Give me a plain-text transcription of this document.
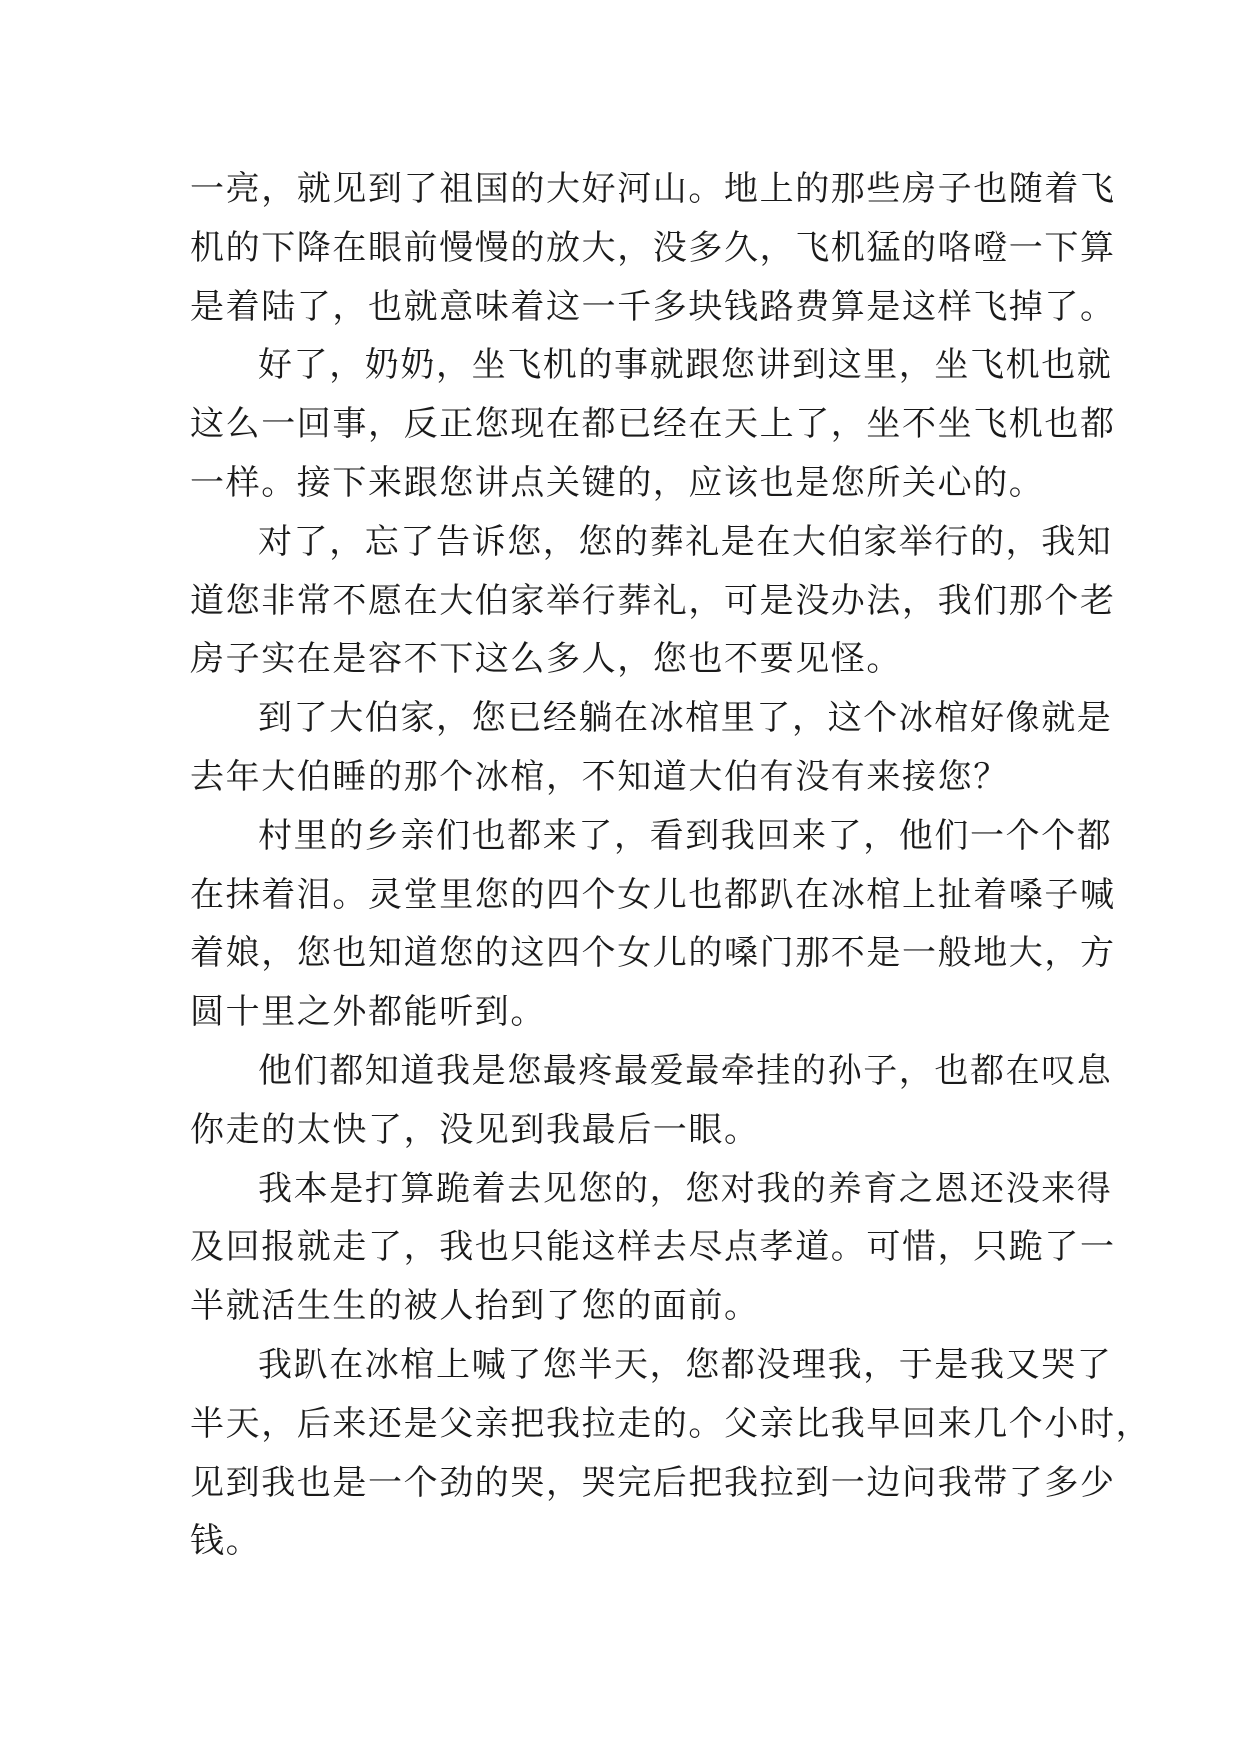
一亮，就见到了祖国的大好河山。地上的那些房子也随着飞
机的下降在眼前慢慢的放大，没多久，飞机猛的咯噔一下算
是着陆了，也就意味着这一千多块钱路费算是这样飞掉了。
好了，奶奶，坐飞机的事就跟您讲到这里，坐飞机也就
这么一回事，反正您现在都已经在天上了，坐不坐飞机也都
一样。接下来跟您讲点关键的，应该也是您所关心的。
对了，忘了告诉您，您的葬礼是在大伯家举行的，我知
道您非常不愿在大伯家举行葬礼，可是没办法，我们那个老
房子实在是容不下这么多人，您也不要见怪。
到了大伯家，您已经躺在冰棺里了，这个冰棺好像就是
去年大伯睡的那个冰棺，不知道大伯有没有来接您？
村里的乡亲们也都来了，看到我回来了，他们一个个都
在抹着泪。灵堂里您的四个女儿也都趴在冰棺上扯着嗓子喊
着娘，您也知道您的这四个女儿的嗓门那不是一般地大，方
圆十里之外都能听到。
他们都知道我是您最疼最爱最牵挂的孙子，也都在叹息
你走的太快了，没见到我最后一眼。
我本是打算跪着去见您的，您对我的养育之恩还没来得
及回报就走了，我也只能这样去尽点孝道。可惜，只跪了一
半就活生生的被人抬到了您的面前。
我趴在冰棺上喊了您半天，您都没理我，于是我又哭了
半天，后来还是父亲把我拉走的。父亲比我早回来几个小时，
见到我也是一个劲的哭，哭完后把我拉到一边问我带了多少
钱。
